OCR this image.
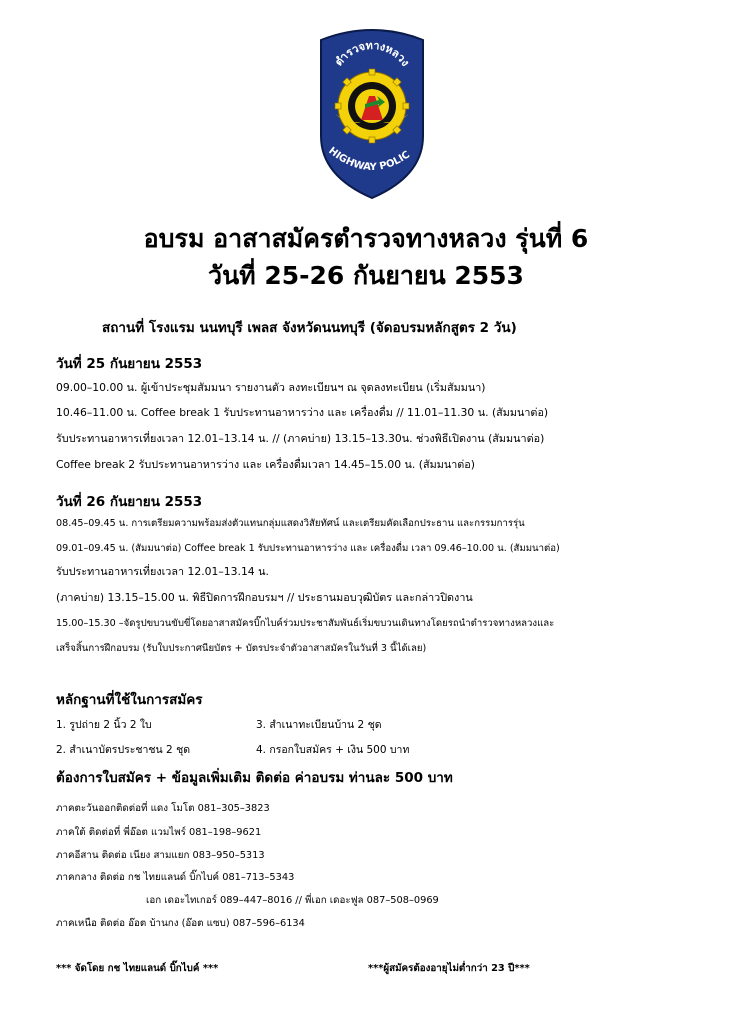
ตำรวจทางหลวง
HIGHWAY POLIC
อบรม อาสาสมัครตำรวจทางหลวง รุ่นที่ 6
วันที่ 25-26 กันยายน 2553
สถานที่ โรงแรม นนทบุรี เพลส จังหวัดนนทบุรี (จัดอบรมหลักสูตร 2 วัน)
วันที่ 25 กันยายน 2553
09.00–10.00 น. ผู้เข้าประชุมสัมมนา รายงานตัว ลงทะเบียนฯ ณ จุดลงทะเบียน (เริ่มสัมมนา)
10.46–11.00 น. Coffee break 1 รับประทานอาหารว่าง และ เครื่องดื่ม // 11.01–11.30 น. (สัมมนาต่อ)
รับประทานอาหารเที่ยงเวลา 12.01–13.14 น. // (ภาคบ่าย) 13.15–13.30น. ช่วงพิธีเปิดงาน (สัมมนาต่อ)
Coffee break 2 รับประทานอาหารว่าง และ เครื่องดื่มเวลา 14.45–15.00 น. (สัมมนาต่อ)
วันที่ 26 กันยายน 2553
08.45–09.45 น. การเตรียมความพร้อมส่งตัวแทนกลุ่มแสดงวิสัยทัศน์ และเตรียมคัดเลือกประธาน และกรรมการรุ่น
09.01–09.45 น. (สัมมนาต่อ) Coffee break 1 รับประทานอาหารว่าง และ เครื่องดื่ม เวลา 09.46–10.00 น. (สัมมนาต่อ)
รับประทานอาหารเที่ยงเวลา 12.01–13.14 น.
(ภาคบ่าย) 13.15–15.00 น. พิธีปิดการฝึกอบรมฯ // ประธานมอบวุฒิบัตร และกล่าวปิดงาน
15.00–15.30 –จัดรูปขบวนขับขี่โดยอาสาสมัครบิ๊กไบค์ร่วมประชาสัมพันธ์เริ่มขบวนเดินทางโดยรถนำตำรวจทางหลวงและ
เสร็จสิ้นการฝึกอบรม (รับใบประกาศนียบัตร + บัตรประจำตัวอาสาสมัครในวันที่ 3 นี้ได้เลย)
หลักฐานที่ใช้ในการสมัคร
1. รูปถ่าย 2 นิ้ว 2 ใบ	3. สำเนาทะเบียนบ้าน 2 ชุด
2. สำเนาบัตรประชาชน 2 ชุด	4. กรอกใบสมัคร + เงิน 500 บาท
ต้องการใบสมัคร + ข้อมูลเพิ่มเติม ติดต่อ ค่าอบรม ท่านละ 500 บาท
ภาคตะวันออกติดต่อที่ แดง โมโต 081–305–3823
ภาคใต้ ติดต่อที่ พี่อ๊อต แวมไพร์ 081–198–9621
ภาคอีสาน ติดต่อ เนียง สามแยก 083–950–5313
ภาคกลาง ติดต่อ กช ไทยแลนด์ บิ๊กไบค์ 081–713–5343
เอก เดอะไทเกอร์ 089–447–8016 // พี่เอก เดอะฟูล 087–508–0969
ภาคเหนือ ติดต่อ อ๊อต บ้านกง (อ๊อต แซบ) 087–596–6134
*** จัดโดย กช ไทยแลนด์ บิ๊กไบค์ ***	***ผู้สมัครต้องอายุไม่ต่ำกว่า 23 ปี***
